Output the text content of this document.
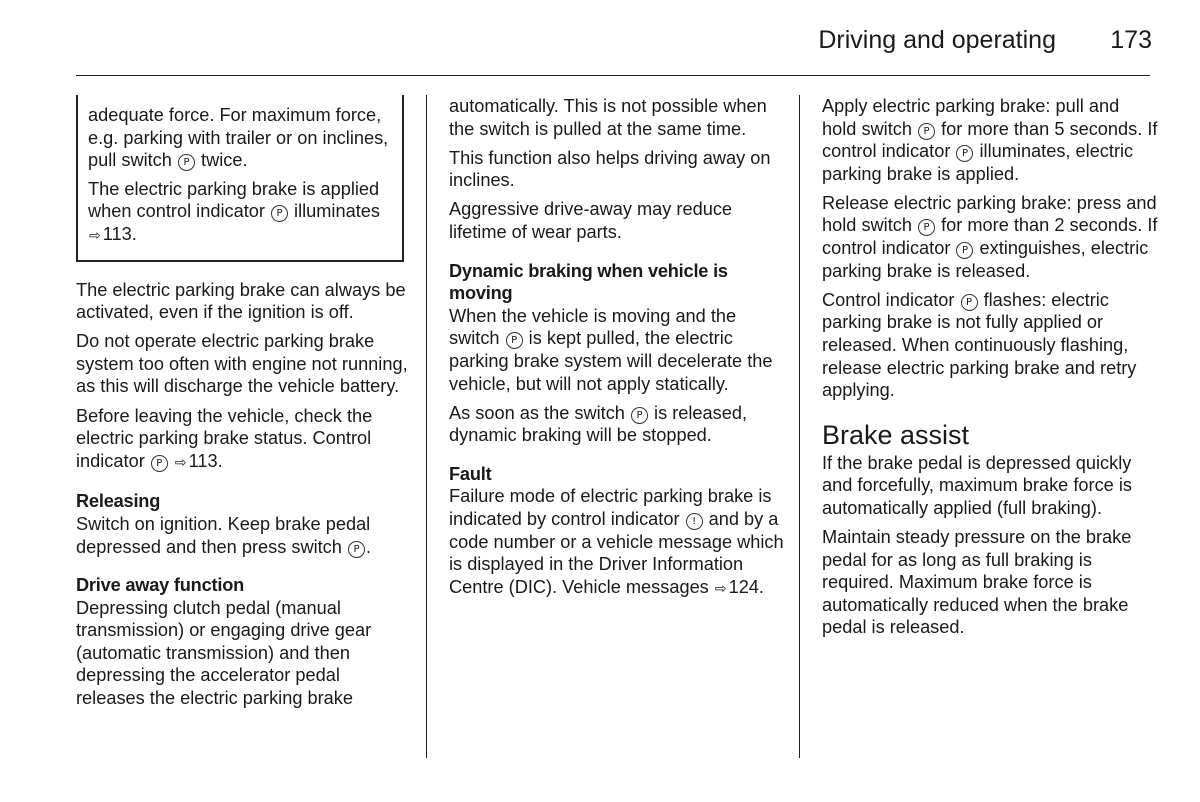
Driving and operating 173

adequate force. For maximum force, e.g. parking with trailer or on inclines, pull switch P twice.

The electric parking brake is applied when control indicator P illuminates ⇨ 113.

The electric parking brake can always be activated, even if the ignition is off.

Do not operate electric parking brake system too often with engine not running, as this will discharge the vehicle battery.

Before leaving the vehicle, check the electric parking brake status. Control indicator P ⇨ 113.

Releasing

Switch on ignition. Keep brake pedal depressed and then press switch P .

Drive away function

Depressing clutch pedal (manual transmission) or engaging drive gear (automatic transmission) and then depressing the accelerator pedal releases the electric parking brake

automatically. This is not possible when the switch is pulled at the same time.

This function also helps driving away on inclines.

Aggressive drive-away may reduce lifetime of wear parts.

Dynamic braking when vehicle is moving

When the vehicle is moving and the switch P is kept pulled, the electric parking brake system will decelerate the vehicle, but will not apply statically.

As soon as the switch P is released, dynamic braking will be stopped.

Fault

Failure mode of electric parking brake is indicated by control indicator ! and by a code number or a vehicle message which is displayed in the Driver Information Centre (DIC). Vehicle messages ⇨ 124.

Apply electric parking brake: pull and hold switch P for more than 5 seconds. If control indicator P illuminates, electric parking brake is applied.

Release electric parking brake: press and hold switch P for more than 2 seconds. If control indicator P extinguishes, electric parking brake is released.

Control indicator P flashes: electric parking brake is not fully applied or released. When continuously flashing, release electric parking brake and retry applying.

Brake assist

If the brake pedal is depressed quickly and forcefully, maximum brake force is automatically applied (full braking).

Maintain steady pressure on the brake pedal for as long as full braking is required. Maximum brake force is automatically reduced when the brake pedal is released.
